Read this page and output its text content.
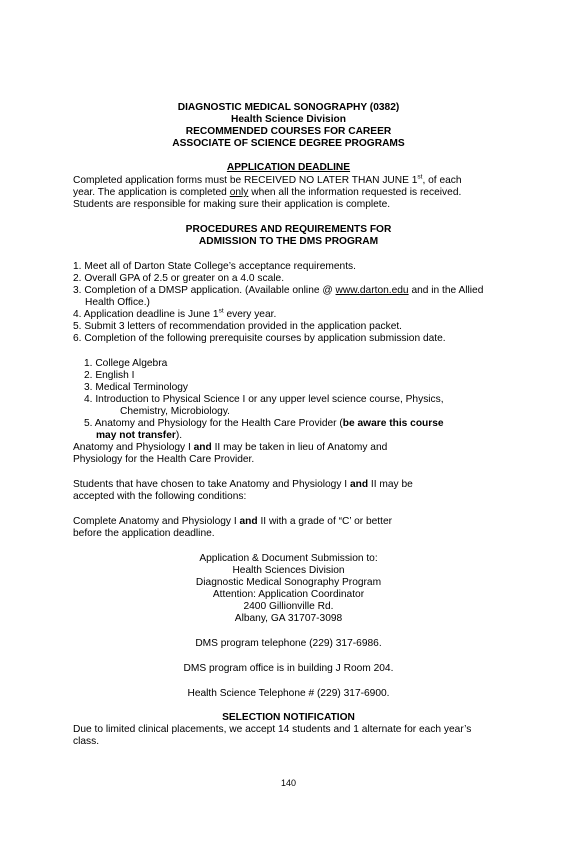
DIAGNOSTIC MEDICAL SONOGRAPHY (0382)
Health Science Division
RECOMMENDED COURSES FOR CAREER
ASSOCIATE OF SCIENCE DEGREE PROGRAMS
APPLICATION DEADLINE
Completed application forms must be RECEIVED NO LATER THAN JUNE 1st, of each
year. The application is completed only when all the information requested is received.
Students are responsible for making sure their application is complete.
PROCEDURES AND REQUIREMENTS FOR
ADMISSION TO THE DMS PROGRAM
1. Meet all of Darton State College’s acceptance requirements.
2. Overall GPA of 2.5 or greater on a 4.0 scale.
3. Completion of a DMSP application. (Available online @ www.darton.edu and in the Allied
Health Office.)
4. Application deadline is June 1st every year.
5. Submit 3 letters of recommendation provided in the application packet.
6. Completion of the following prerequisite courses by application submission date.
1. College Algebra
2. English I
3. Medical Terminology
4. Introduction to Physical Science I or any upper level science course, Physics,
Chemistry, Microbiology.
5. Anatomy and Physiology for the Health Care Provider (be aware this course
may not transfer).
Anatomy and Physiology I and II may be taken in lieu of Anatomy and
Physiology for the Health Care Provider.
Students that have chosen to take Anatomy and Physiology I and II may be
accepted with the following conditions:
Complete Anatomy and Physiology I and II with a grade of “C’ or better
before the application deadline.
Application & Document Submission to:
Health Sciences Division
Diagnostic Medical Sonography Program
Attention: Application Coordinator
2400 Gillionville Rd.
Albany, GA 31707-3098
DMS program telephone (229) 317-6986.
DMS program office is in building J Room 204.
Health Science Telephone # (229) 317-6900.
SELECTION NOTIFICATION
Due to limited clinical placements, we accept 14 students and 1 alternate for each year’s
class.
140
